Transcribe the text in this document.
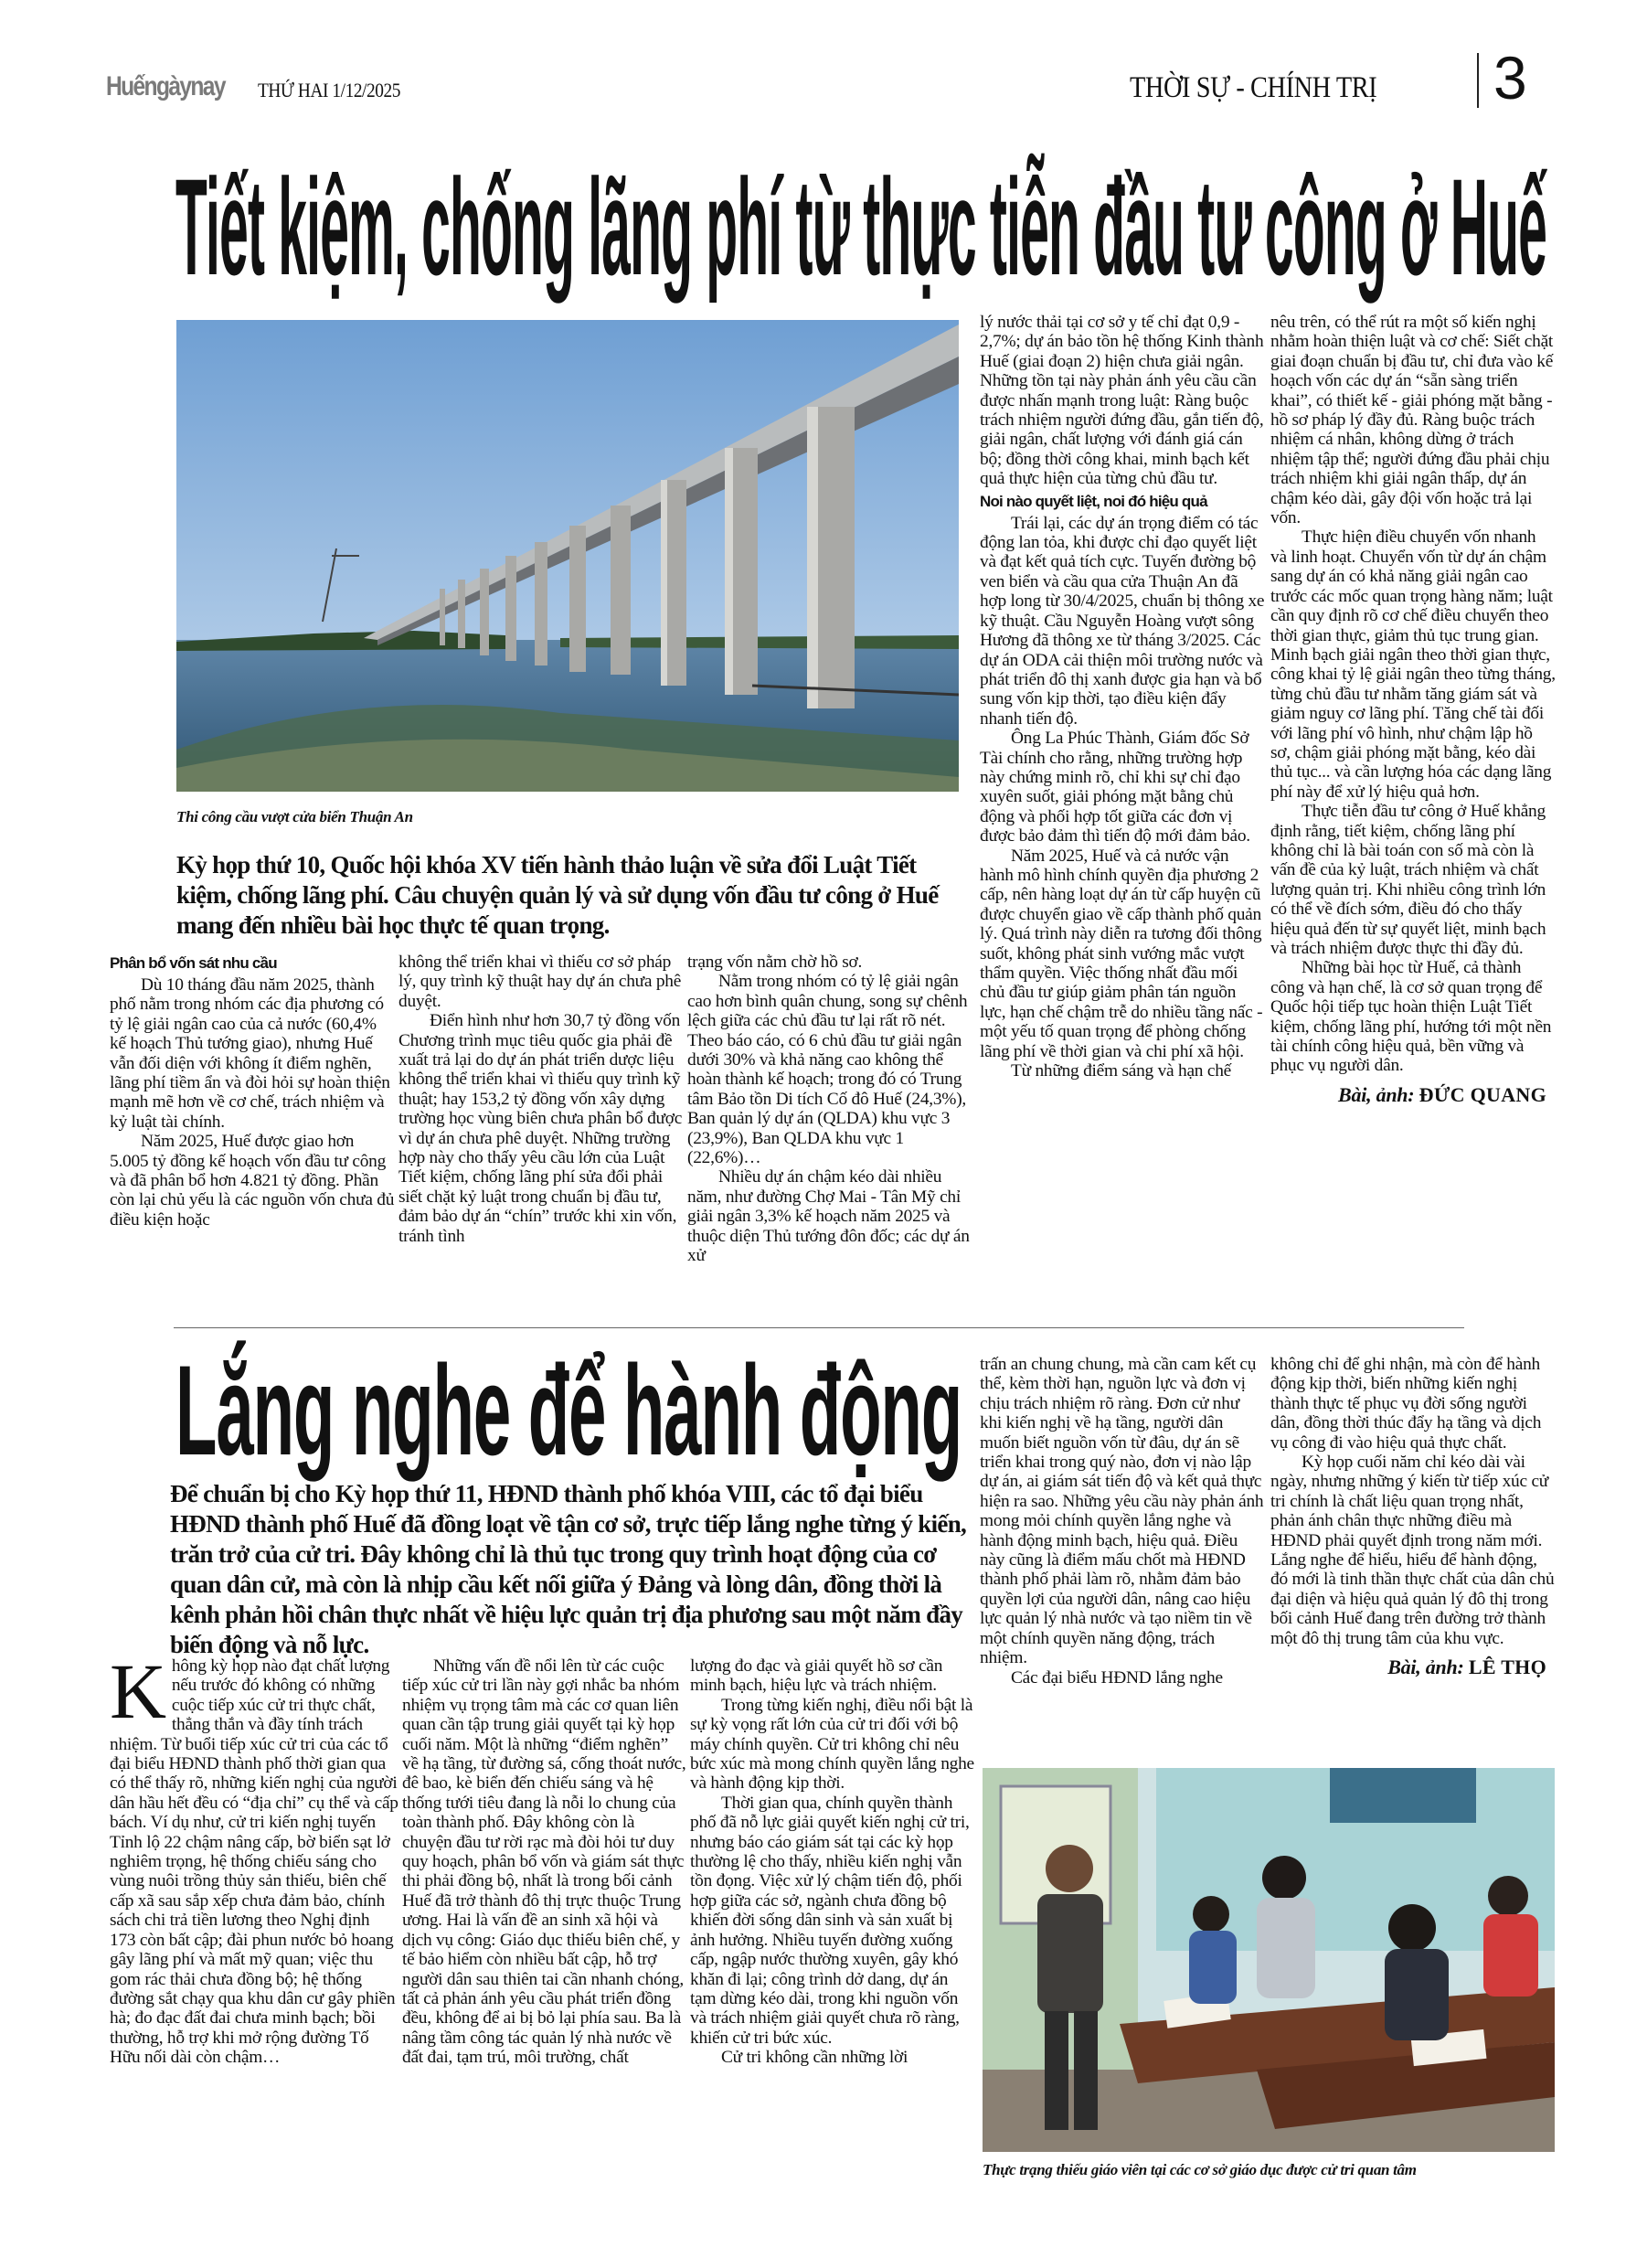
Huếngàynay THỨ HAI 1/12/2025	THỜI SỰ - CHÍNH TRỊ 3
Tiết kiệm, chống lãng phí từ thực tiễn đầu tư công ở Huế
Thi công cầu vượt cửa biển Thuận An
Kỳ họp thứ 10, Quốc hội khóa XV tiến hành thảo luận về sửa đổi Luật Tiết kiệm, chống lãng phí. Câu chuyện quản lý và sử dụng vốn đầu tư công ở Huế mang đến nhiều bài học thực tế quan trọng.
Phân bổ vốn sát nhu cầu

Dù 10 tháng đầu năm 2025, thành phố nằm trong nhóm các địa phương có tỷ lệ giải ngân cao của cả nước (60,4% kế hoạch Thủ tướng giao), nhưng Huế vẫn đối diện với không ít điểm nghẽn, lãng phí tiềm ẩn và đòi hỏi sự hoàn thiện mạnh mẽ hơn về cơ chế, trách nhiệm và kỷ luật tài chính.

Năm 2025, Huế được giao hơn 5.005 tỷ đồng kế hoạch vốn đầu tư công và đã phân bổ hơn 4.821 tỷ đồng. Phần còn lại chủ yếu là các nguồn vốn chưa đủ điều kiện hoặc

không thể triển khai vì thiếu cơ sở pháp lý, quy trình kỹ thuật hay dự án chưa phê duyệt.

Điển hình như hơn 30,7 tỷ đồng vốn Chương trình mục tiêu quốc gia phải đề xuất trả lại do dự án phát triển dược liệu không thể triển khai vì thiếu quy trình kỹ thuật; hay 153,2 tỷ đồng vốn xây dựng trường học vùng biên chưa phân bổ được vì dự án chưa phê duyệt. Những trường hợp này cho thấy yêu cầu lớn của Luật Tiết kiệm, chống lãng phí sửa đổi phải siết chặt kỷ luật trong chuẩn bị đầu tư, đảm bảo dự án “chín” trước khi xin vốn, tránh tình

trạng vốn nằm chờ hồ sơ.

Nằm trong nhóm có tỷ lệ giải ngân cao hơn bình quân chung, song sự chênh lệch giữa các chủ đầu tư lại rất rõ nét. Theo báo cáo, có 6 chủ đầu tư giải ngân dưới 30% và khả năng cao không thể hoàn thành kế hoạch; trong đó có Trung tâm Bảo tồn Di tích Cố đô Huế (24,3%), Ban quản lý dự án (QLDA) khu vực 3 (23,9%), Ban QLDA khu vực 1 (22,6%)…

Nhiều dự án chậm kéo dài nhiều năm, như đường Chợ Mai - Tân Mỹ chỉ giải ngân 3,3% kế hoạch năm 2025 và thuộc diện Thủ tướng đôn đốc; các dự án xử

lý nước thải tại cơ sở y tế chỉ đạt 0,9 - 2,7%; dự án bảo tồn hệ thống Kinh thành Huế (giai đoạn 2) hiện chưa giải ngân. Những tồn tại này phản ánh yêu cầu cần được nhấn mạnh trong luật: Ràng buộc trách nhiệm người đứng đầu, gắn tiến độ, giải ngân, chất lượng với đánh giá cán bộ; đồng thời công khai, minh bạch kết quả thực hiện của từng chủ đầu tư.

Noi nào quyết liệt, noi đó hiệu quả

Trái lại, các dự án trọng điểm có tác động lan tỏa, khi được chỉ đạo quyết liệt và đạt kết quả tích cực. Tuyến đường bộ ven biển và cầu qua cửa Thuận An đã hợp long từ 30/4/2025, chuẩn bị thông xe kỹ thuật. Cầu Nguyễn Hoàng vượt sông Hương đã thông xe từ tháng 3/2025. Các dự án ODA cải thiện môi trường nước và phát triển đô thị xanh được gia hạn và bổ sung vốn kịp thời, tạo điều kiện đẩy nhanh tiến độ.

Ông La Phúc Thành, Giám đốc Sở Tài chính cho rằng, những trường hợp này chứng minh rõ, chỉ khi sự chỉ đạo xuyên suốt, giải phóng mặt bằng chủ động và phối hợp tốt giữa các đơn vị được bảo đảm thì tiến độ mới đảm bảo.

Năm 2025, Huế và cả nước vận hành mô hình chính quyền địa phương 2 cấp, nên hàng loạt dự án từ cấp huyện cũ được chuyển giao về cấp thành phố quản lý. Quá trình này diễn ra tương đối thông suốt, không phát sinh vướng mắc vượt thẩm quyền. Việc thống nhất đầu mối chủ đầu tư giúp giảm phân tán nguồn lực, hạn chế chậm trễ do nhiều tầng nấc - một yếu tố quan trọng để phòng chống lãng phí về thời gian và chi phí xã hội.

Từ những điểm sáng và hạn chế

nêu trên, có thể rút ra một số kiến nghị nhằm hoàn thiện luật và cơ chế: Siết chặt giai đoạn chuẩn bị đầu tư, chỉ đưa vào kế hoạch vốn các dự án “sẵn sàng triển khai”, có thiết kế - giải phóng mặt bằng - hồ sơ pháp lý đầy đủ. Ràng buộc trách nhiệm cá nhân, không dừng ở trách nhiệm tập thể; người đứng đầu phải chịu trách nhiệm khi giải ngân thấp, dự án chậm kéo dài, gây đội vốn hoặc trả lại vốn.

Thực hiện điều chuyển vốn nhanh và linh hoạt. Chuyển vốn từ dự án chậm sang dự án có khả năng giải ngân cao trước các mốc quan trọng hàng năm; luật cần quy định rõ cơ chế điều chuyển theo thời gian thực, giảm thủ tục trung gian. Minh bạch giải ngân theo thời gian thực, công khai tỷ lệ giải ngân theo từng tháng, từng chủ đầu tư nhằm tăng giám sát và giảm nguy cơ lãng phí. Tăng chế tài đối với lãng phí vô hình, như chậm lập hồ sơ, chậm giải phóng mặt bằng, kéo dài thủ tục... và cần lượng hóa các dạng lãng phí này để xử lý hiệu quả hơn.

Thực tiễn đầu tư công ở Huế khẳng định rằng, tiết kiệm, chống lãng phí không chỉ là bài toán con số mà còn là vấn đề của kỷ luật, trách nhiệm và chất lượng quản trị. Khi nhiều công trình lớn có thể về đích sớm, điều đó cho thấy hiệu quả đến từ sự quyết liệt, minh bạch và trách nhiệm được thực thi đầy đủ.

Những bài học từ Huế, cả thành công và hạn chế, là cơ sở quan trọng để Quốc hội tiếp tục hoàn thiện Luật Tiết kiệm, chống lãng phí, hướng tới một nền tài chính công hiệu quả, bền vững và phục vụ người dân.

Bài, ảnh: ĐỨC QUANG
Lắng nghe để hành động
Để chuẩn bị cho Kỳ họp thứ 11, HĐND thành phố khóa VIII, các tổ đại biểu HĐND thành phố Huế đã đồng loạt về tận cơ sở, trực tiếp lắng nghe từng ý kiến, trăn trở của cử tri. Đây không chỉ là thủ tục trong quy trình hoạt động của cơ quan dân cử, mà còn là nhịp cầu kết nối giữa ý Đảng và lòng dân, đồng thời là kênh phản hồi chân thực nhất về hiệu lực quản trị địa phương sau một năm đầy biến động và nỗ lực.

Không kỳ họp nào đạt chất lượng nếu trước đó không có những cuộc tiếp xúc cử tri thực chất, thẳng thắn và đầy tính trách nhiệm. Từ buổi tiếp xúc cử tri của các tổ đại biểu HĐND thành phố thời gian qua có thể thấy rõ, những kiến nghị của người dân hầu hết đều có “địa chỉ” cụ thể và cấp bách. Ví dụ như, cử tri kiến nghị tuyến Tỉnh lộ 22 chậm nâng cấp, bờ biển sạt lở nghiêm trọng, hệ thống chiếu sáng cho vùng nuôi trồng thủy sản thiếu, biên chế cấp xã sau sắp xếp chưa đảm bảo, chính sách chi trả tiền lương theo Nghị định 173 còn bất cập; đài phun nước bỏ hoang gây lãng phí và mất mỹ quan; việc thu gom rác thải chưa đồng bộ; hệ thống đường sắt chạy qua khu dân cư gây phiền hà; đo đạc đất đai chưa minh bạch; bồi thường, hỗ trợ khi mở rộng đường Tố Hữu nối dài còn chậm…

Những vấn đề nổi lên từ các cuộc tiếp xúc cử tri lần này gợi nhắc ba nhóm nhiệm vụ trọng tâm mà các cơ quan liên quan cần tập trung giải quyết tại kỳ họp cuối năm. Một là những “điểm nghẽn” về hạ tầng, từ đường sá, cống thoát nước, đê bao, kè biển đến chiếu sáng và hệ thống tưới tiêu đang là nỗi lo chung của toàn thành phố. Đây không còn là chuyện đầu tư rời rạc mà đòi hỏi tư duy quy hoạch, phân bổ vốn và giám sát thực thi phải đồng bộ, nhất là trong bối cảnh Huế đã trở thành đô thị trực thuộc Trung ương. Hai là vấn đề an sinh xã hội và dịch vụ công: Giáo dục thiếu biên chế, y tế bảo hiểm còn nhiều bất cập, hỗ trợ người dân sau thiên tai cần nhanh chóng, tất cả phản ánh yêu cầu phát triển đồng đều, không để ai bị bỏ lại phía sau. Ba là nâng tầm công tác quản lý nhà nước về đất đai, tạm trú, môi trường, chất

lượng đo đạc và giải quyết hồ sơ cần minh bạch, hiệu lực và trách nhiệm.

Trong từng kiến nghị, điều nổi bật là sự kỳ vọng rất lớn của cử tri đối với bộ máy chính quyền. Cử tri không chỉ nêu bức xúc mà mong chính quyền lắng nghe và hành động kịp thời.

Thời gian qua, chính quyền thành phố đã nỗ lực giải quyết kiến nghị cử tri, nhưng báo cáo giám sát tại các kỳ họp thường lệ cho thấy, nhiều kiến nghị vẫn tồn đọng. Việc xử lý chậm tiến độ, phối hợp giữa các sở, ngành chưa đồng bộ khiến đời sống dân sinh và sản xuất bị ảnh hưởng. Nhiều tuyến đường xuống cấp, ngập nước thường xuyên, gây khó khăn đi lại; công trình dở dang, dự án tạm dừng kéo dài, trong khi nguồn vốn và trách nhiệm giải quyết chưa rõ ràng, khiến cử tri bức xúc.

Cử tri không cần những lời

trấn an chung chung, mà cần cam kết cụ thể, kèm thời hạn, nguồn lực và đơn vị chịu trách nhiệm rõ ràng. Đơn cử như khi kiến nghị về hạ tầng, người dân muốn biết nguồn vốn từ đâu, dự án sẽ triển khai trong quý nào, đơn vị nào lập dự án, ai giám sát tiến độ và kết quả thực hiện ra sao. Những yêu cầu này phản ánh mong mỏi chính quyền lắng nghe và hành động minh bạch, hiệu quả. Điều này cũng là điểm mấu chốt mà HĐND thành phố phải làm rõ, nhằm đảm bảo quyền lợi của người dân, nâng cao hiệu lực quản lý nhà nước và tạo niềm tin về một chính quyền năng động, trách nhiệm.

Các đại biểu HĐND lắng nghe

không chỉ để ghi nhận, mà còn để hành động kịp thời, biến những kiến nghị thành thực tế phục vụ đời sống người dân, đồng thời thúc đẩy hạ tầng và dịch vụ công đi vào hiệu quả thực chất.

Kỳ họp cuối năm chỉ kéo dài vài ngày, nhưng những ý kiến từ tiếp xúc cử tri chính là chất liệu quan trọng nhất, phản ánh chân thực những điều mà HĐND phải quyết định trong năm mới. Lắng nghe để hiểu, hiểu để hành động, đó mới là tinh thần thực chất của dân chủ đại diện và hiệu quả quản lý đô thị trong bối cảnh Huế đang trên đường trở thành một đô thị trung tâm của khu vực.

Bài, ảnh: LÊ THỌ
Thực trạng thiếu giáo viên tại các cơ sở giáo dục được cử tri quan tâm
